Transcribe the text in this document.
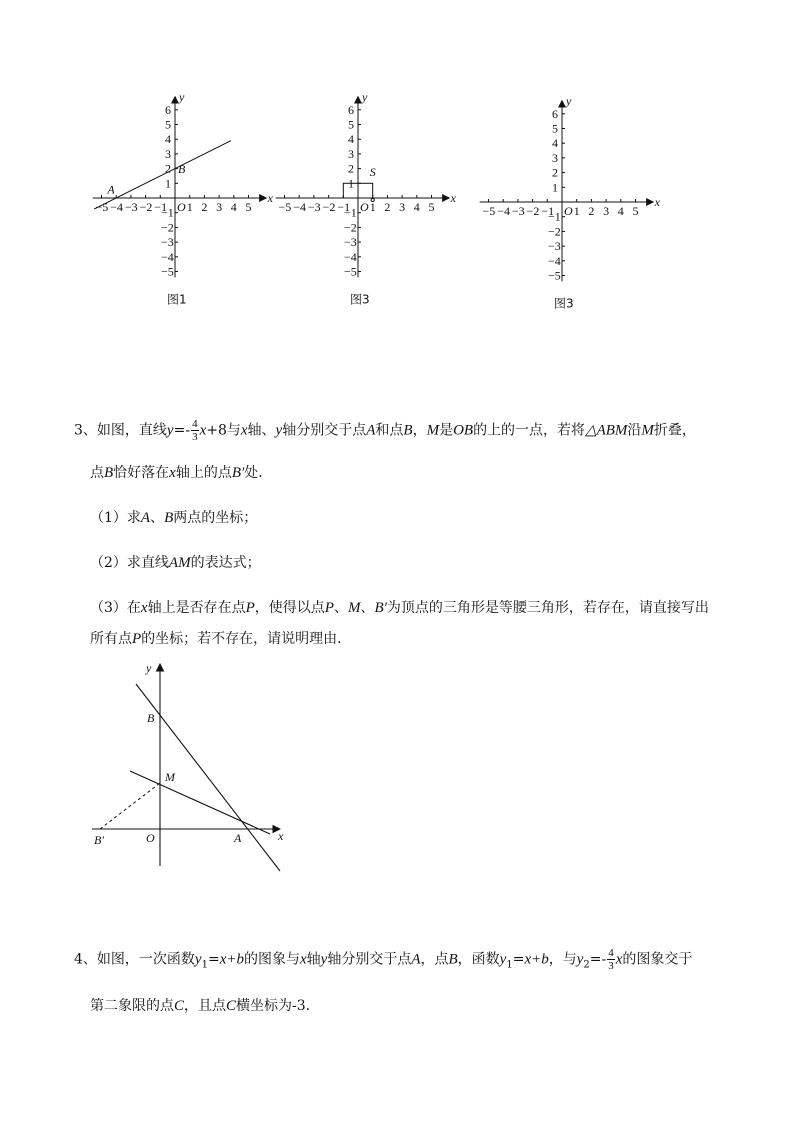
−5 −4 −3 −2 −1 1 2 3 4 5
6
5
4
3
2
1
−1
−2
−3
−4
−5
O
x
y
图1
A
B
−5 −4 −3 −2 −1 1 2 3 4 5
6
5
4
3
2
1
−1
−2
−3
−4
−5
O
x
y
图3
S
−5 −4 −3 −2 −1 1 2 3 4 5
6
5
4
3
2
1
−1
−2
−3
−4
−5
O
x
y
图3
3、如图，直线$y=- \frac{4}{3} x+8$与x轴、y轴分别交于点A和点B，M是OB的上的一点，若将△ABM沿M折叠，
点B恰好落在x轴上的点B′处．
（1）求A、B两点的坐标；
（2）求直线AM的表达式；
（3）在x轴上是否存在点P，使得以点P、M、B′为顶点的三角形是等腰三角形，若存在，请直接写出
所有点P的坐标；若不存在，请说明理由．
y
x
B
M
O	A
B′
4、如图，一次函数$y_1=x+b$的图象与x轴y轴分别交于点A，点B，函数$y_1=x+b$，与$y_2=- \frac{4}{3}$ x的图象交于
第二象限的点C，且点C横坐标为-3．
